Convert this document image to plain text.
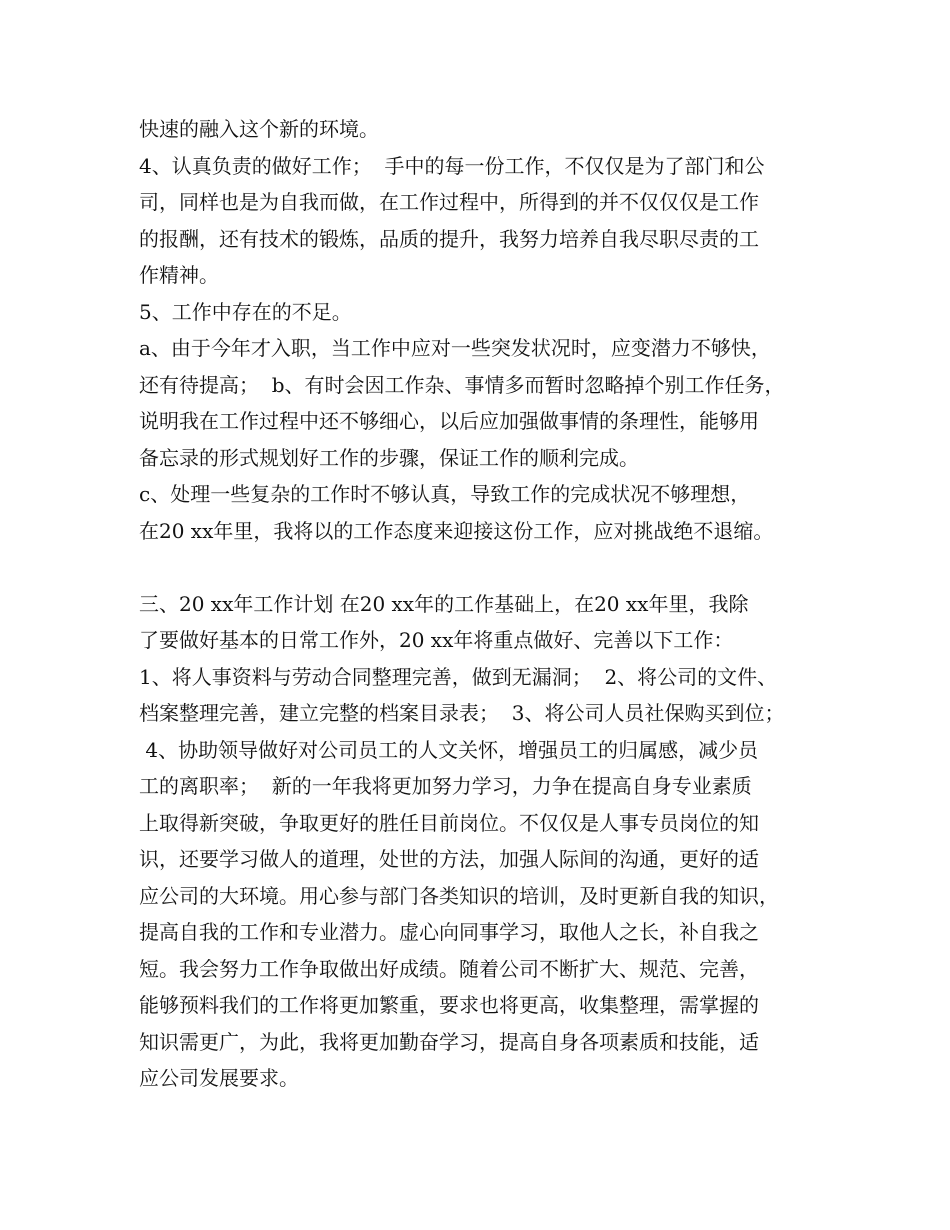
快速的融入这个新的环境。
4、认真负责的做好工作；  手中的每一份工作，不仅仅是为了部门和公
司，同样也是为自我而做，在工作过程中，所得到的并不仅仅仅是工作
的报酬，还有技术的锻炼，品质的提升，我努力培养自我尽职尽责的工
作精神。
5、工作中存在的不足。
a、由于今年才入职，当工作中应对一些突发状况时，应变潜力不够快，
还有待提高；  b、有时会因工作杂、事情多而暂时忽略掉个别工作任务，
说明我在工作过程中还不够细心，以后应加强做事情的条理性，能够用
备忘录的形式规划好工作的步骤，保证工作的顺利完成。
c、处理一些复杂的工作时不够认真，导致工作的完成状况不够理想，
在20 xx年里，我将以的工作态度来迎接这份工作，应对挑战绝不退缩。
三、20 xx年工作计划 在20 xx年的工作基础上，在20 xx年里，我除
了要做好基本的日常工作外，20 xx年将重点做好、完善以下工作：
1、将人事资料与劳动合同整理完善，做到无漏洞；  2、将公司的文件、
档案整理完善，建立完整的档案目录表；  3、将公司人员社保购买到位；
4、协助领导做好对公司员工的人文关怀，增强员工的归属感，减少员
工的离职率；  新的一年我将更加努力学习，力争在提高自身专业素质
上取得新突破，争取更好的胜任目前岗位。不仅仅是人事专员岗位的知
识，还要学习做人的道理，处世的方法，加强人际间的沟通，更好的适
应公司的大环境。用心参与部门各类知识的培训，及时更新自我的知识，
提高自我的工作和专业潜力。虚心向同事学习，取他人之长，补自我之
短。我会努力工作争取做出好成绩。随着公司不断扩大、规范、完善，
能够预料我们的工作将更加繁重，要求也将更高，收集整理，需掌握的
知识需更广，为此，我将更加勤奋学习，提高自身各项素质和技能，适
应公司发展要求。
